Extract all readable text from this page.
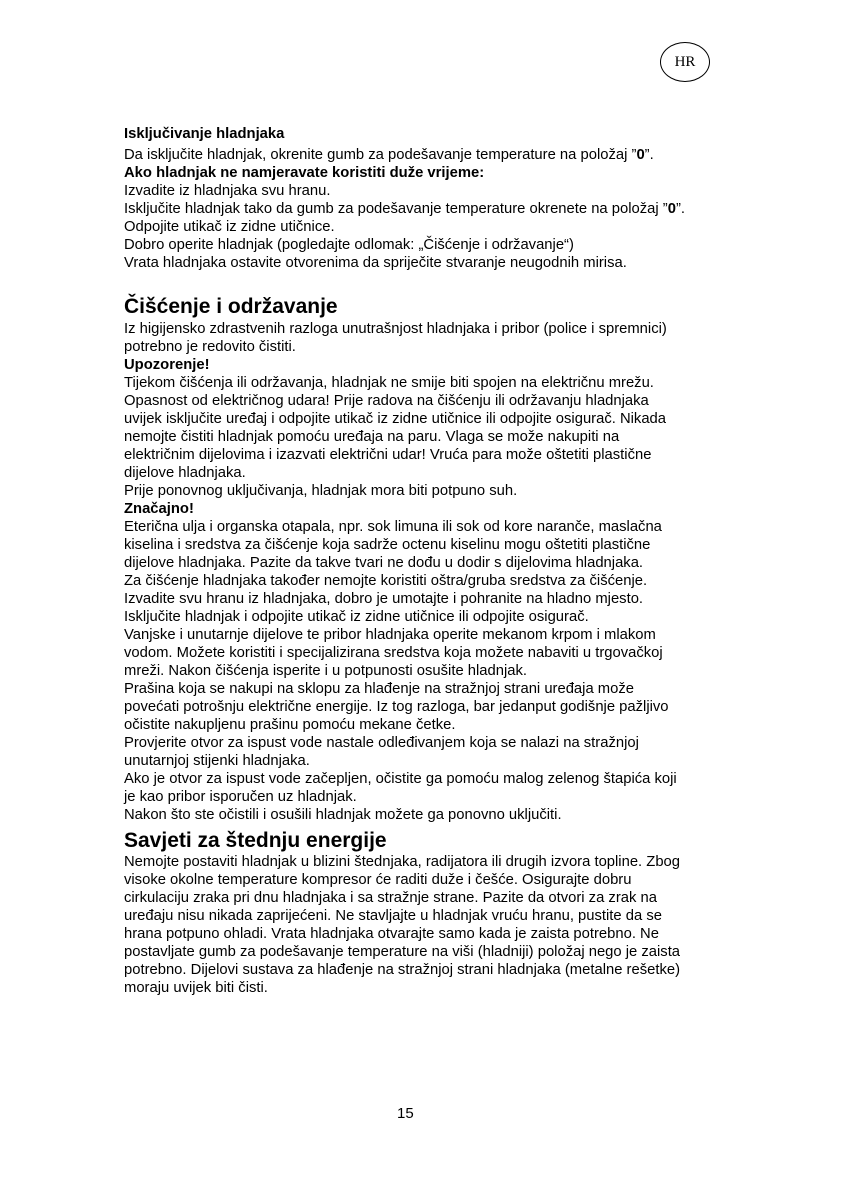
HR
Isključivanje hladnjaka
Da isključite hladnjak, okrenite gumb za podešavanje temperature na položaj ”0”.
Ako hladnjak ne namjeravate koristiti duže vrijeme:
Izvadite iz hladnjaka svu hranu.
Isključite hladnjak tako da gumb za podešavanje temperature okrenete na položaj ”0”.
Odpojite utikač iz zidne utičnice.
Dobro operite hladnjak (pogledajte odlomak: „Čišćenje i održavanje“)
Vrata hladnjaka ostavite otvorenima da spriječite stvaranje neugodnih mirisa.
Čišćenje i održavanje
Iz higijensko zdrastvenih razloga unutrašnjost hladnjaka i pribor (police i spremnici)
potrebno je redovito čistiti.
Upozorenje!
Tijekom čišćenja ili održavanja, hladnjak ne smije biti spojen na električnu mrežu.
Opasnost od električnog udara! Prije radova na čišćenju ili održavanju hladnjaka
uvijek isključite uređaj i odpojite utikač iz zidne utičnice ili odpojite osigurač. Nikada
nemojte čistiti hladnjak pomoću uređaja na paru. Vlaga se može nakupiti na
električnim dijelovima i izazvati električni udar! Vruća para može oštetiti plastične
dijelove hladnjaka.
Prije ponovnog uključivanja, hladnjak mora biti potpuno suh.
Značajno!
Eterična ulja i organska otapala, npr. sok limuna ili sok od kore naranče, maslačna
kiselina i sredstva za čišćenje koja sadrže octenu kiselinu mogu oštetiti plastične
dijelove hladnjaka. Pazite da takve tvari ne dođu u dodir s dijelovima hladnjaka.
Za čišćenje hladnjaka također nemojte koristiti oštra/gruba sredstva za čišćenje.
Izvadite svu hranu iz hladnjaka, dobro je umotajte i pohranite na hladno mjesto.
Isključite hladnjak i odpojite utikač iz zidne utičnice ili odpojite osigurač.
Vanjske i unutarnje dijelove te pribor hladnjaka operite mekanom krpom i mlakom
vodom. Možete koristiti i specijalizirana sredstva koja možete nabaviti u trgovačkoj
mreži. Nakon čišćenja isperite i u potpunosti osušite hladnjak.
Prašina koja se nakupi na sklopu za hlađenje na stražnjoj strani uređaja može
povećati potrošnju električne energije. Iz tog razloga, bar jedanput godišnje pažljivo
očistite nakupljenu prašinu pomoću mekane četke.
Provjerite otvor za ispust vode nastale odleđivanjem koja se nalazi na stražnjoj
unutarnjoj stijenki hladnjaka.
Ako je otvor za ispust vode začepljen, očistite ga pomoću malog zelenog štapića koji
je kao pribor isporučen uz hladnjak.
Nakon što ste očistili i osušili hladnjak možete ga ponovno uključiti.
Savjeti za štednju energije
Nemojte postaviti hladnjak u blizini štednjaka, radijatora ili drugih izvora topline. Zbog
visoke okolne temperature kompresor će raditi duže i češće. Osigurajte dobru
cirkulaciju zraka pri dnu hladnjaka i sa stražnje strane. Pazite da otvori za zrak na
uređaju nisu nikada zaprijećeni. Ne stavljajte u hladnjak vruću hranu, pustite da se
hrana potpuno ohladi. Vrata hladnjaka otvarajte samo kada je zaista potrebno. Ne
postavljate gumb za podešavanje temperature na viši (hladniji) položaj nego je zaista
potrebno. Dijelovi sustava za hlađenje na stražnjoj strani hladnjaka (metalne rešetke)
moraju uvijek biti čisti.
15
